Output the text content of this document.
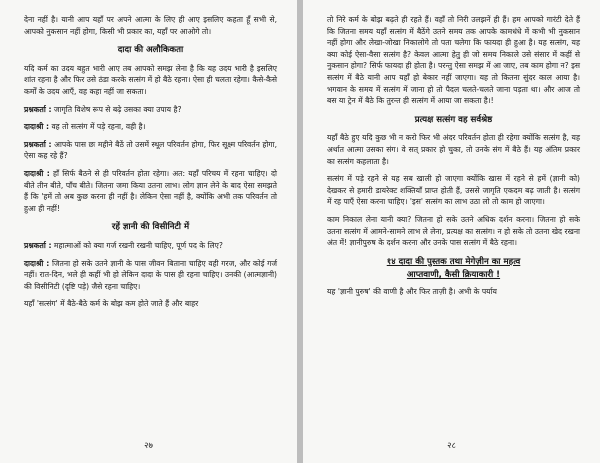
देना नहीं है। यानी आप यहाँ पर अपने आत्मा के लिए ही आए इसलिए कहता हूँ सभी से, आपको नुकसान नहीं होगा, किसी भी प्रकार का, यहाँ पर आओगे तो।

दादा की अलौकिकता

यदि कर्म का उदय बहुत भारी आए तब आपको समझ लेना है कि यह उदय भारी है इसलिए शांत रहना है और फिर उसे ठंडा करके सत्संग में हो बैठे रहना। ऐसा ही चलता रहेगा। कैसे-कैसे कर्मों के उदय आएँ, वह कहा नहीं जा सकता।

प्रश्नकर्ता : जागृति विशेष रूप से बढ़े उसका क्या उपाय है?

दादाश्री : वह तो सत्संग में पड़े रहना, वही है।

प्रश्नकर्ता : आपके पास छः महीने बैठें तो उसमें स्थूल परिवर्तन होगा, फिर सूक्ष्म परिवर्तन होगा, ऐसा कह रहे हैं?

दादाश्री : हाँ सिर्फ बैठने से ही परिवर्तन होता रहेगा। अत: यहाँ परिचय में रहना चाहिए। दो बीते तीन बीते, पाँच बीते। जितना जमा किया उतना लाभ। लोग ज्ञान लेने के बाद ऐसा समझते हैं कि 'हमें तो अब कुछ करना ही नहीं है। लेकिन ऐसा नहीं है, क्योंकि अभी तक परिवर्तन तो हुआ ही नहीं!

रहें ज्ञानी की विसीनिटी में

प्रश्नकर्ता : महात्माओं को क्या गर्ज रखनी रखनी चाहिए, पूर्ण पद के लिए?

दादाश्री : जितना हो सके उतने ज्ञानी के पास जीवन बिताना चाहिए वही गरज, और कोई गर्ज नहीं। रात-दिन, भले ही कहीं भी हो लेकिन दादा के पास ही रहना चाहिए। उनकी (आत्मज्ञानी) की विसीनिटी (दृष्टि पड़े) जैसे रहना चाहिए।

यहाँ 'सत्संग' में बैठे-बैठे कर्म के बोझ कम होते जाते हैं और बाहर

२७

तो निरे कर्म के बोझ बढ़ते ही रहते हैं। वहाँ तो निरी उलझनें ही हैं। हम आपको गारंटी देते हैं कि जितना समय यहाँ सत्संग में बैठेंगे उतने समय तक आपके कामधंधे में कभी भी नुकसान नहीं होगा और लेखा-जोखा निकालोगे तो पता चलेगा कि फायदा ही हुआ है। यह सत्संग, यह क्या कोई ऐसा-वैसा सत्संग है? केवल आत्मा हेतु ही जो समय निकाले उसे संसार में कहीं से नुकसान होगा? सिर्फ फायदा ही होता है। परन्तु ऐसा समझ में आ जाए, तब काम होगा न? इस सत्संग में बैठे यानी आप यहाँ हो बेकार नहीं जाएगा। यह तो कितना सुंदर काल आया है। भगवान के समय में सत्संग में जाना हो तो पैदल चलते-चलते जाना पड़ता था। और आज तो बस या ट्रेन में बैठे कि तुरन्त ही सत्संग में आया जा सकता है।!

प्रत्यक्ष सत्संग वह सर्वश्रेष्ठ

यहाँ बैठे हुए यदि कुछ भी न करो फिर भी अंदर परिवर्तन होता ही रहेगा क्योंकि सत्संग है, यह अर्थात आत्मा उसका संग। वे सत् प्रकार हो चुका, तो उनके संग में बैठे हैं। यह अंतिम प्रकार का सत्संग कहलाता है।

सत्संग में पड़े रहने से यह सब खाली हो जाएगा क्योंकि खास में रहने से हमें (ज्ञानी को) देखकर से हमारी डायरेक्ट शक्तियाँ प्राप्त होती हैं, उससे जागृति एकदम बढ़ जाती है। सत्संग में रह पाएँ ऐसा करना चाहिए। 'इस' सत्संग का लाभ उठा लो तो काम हो जाएगा।

काम निकाल लेना यानी क्या? जितना हो सके उतने अधिक दर्शन करना। जितना हो सके उतना सत्संग में आमने-सामने लाभ ले लेना, प्रत्यक्ष का सत्संग। न हो सके तो उतना खेद रखना अंत में! ज्ञानीपुरुष के दर्शन करना और उनके पास सत्संग में बैठे रहना।

१४ दादा की पुस्तक तथा मेगेज़ीन का महत्व
आप्तवाणी, कैसी क्रियाकारी !

यह 'ज्ञानी पुरुष' की वाणी है और फिर ताज़ी है। अभी के पर्याय

२८
